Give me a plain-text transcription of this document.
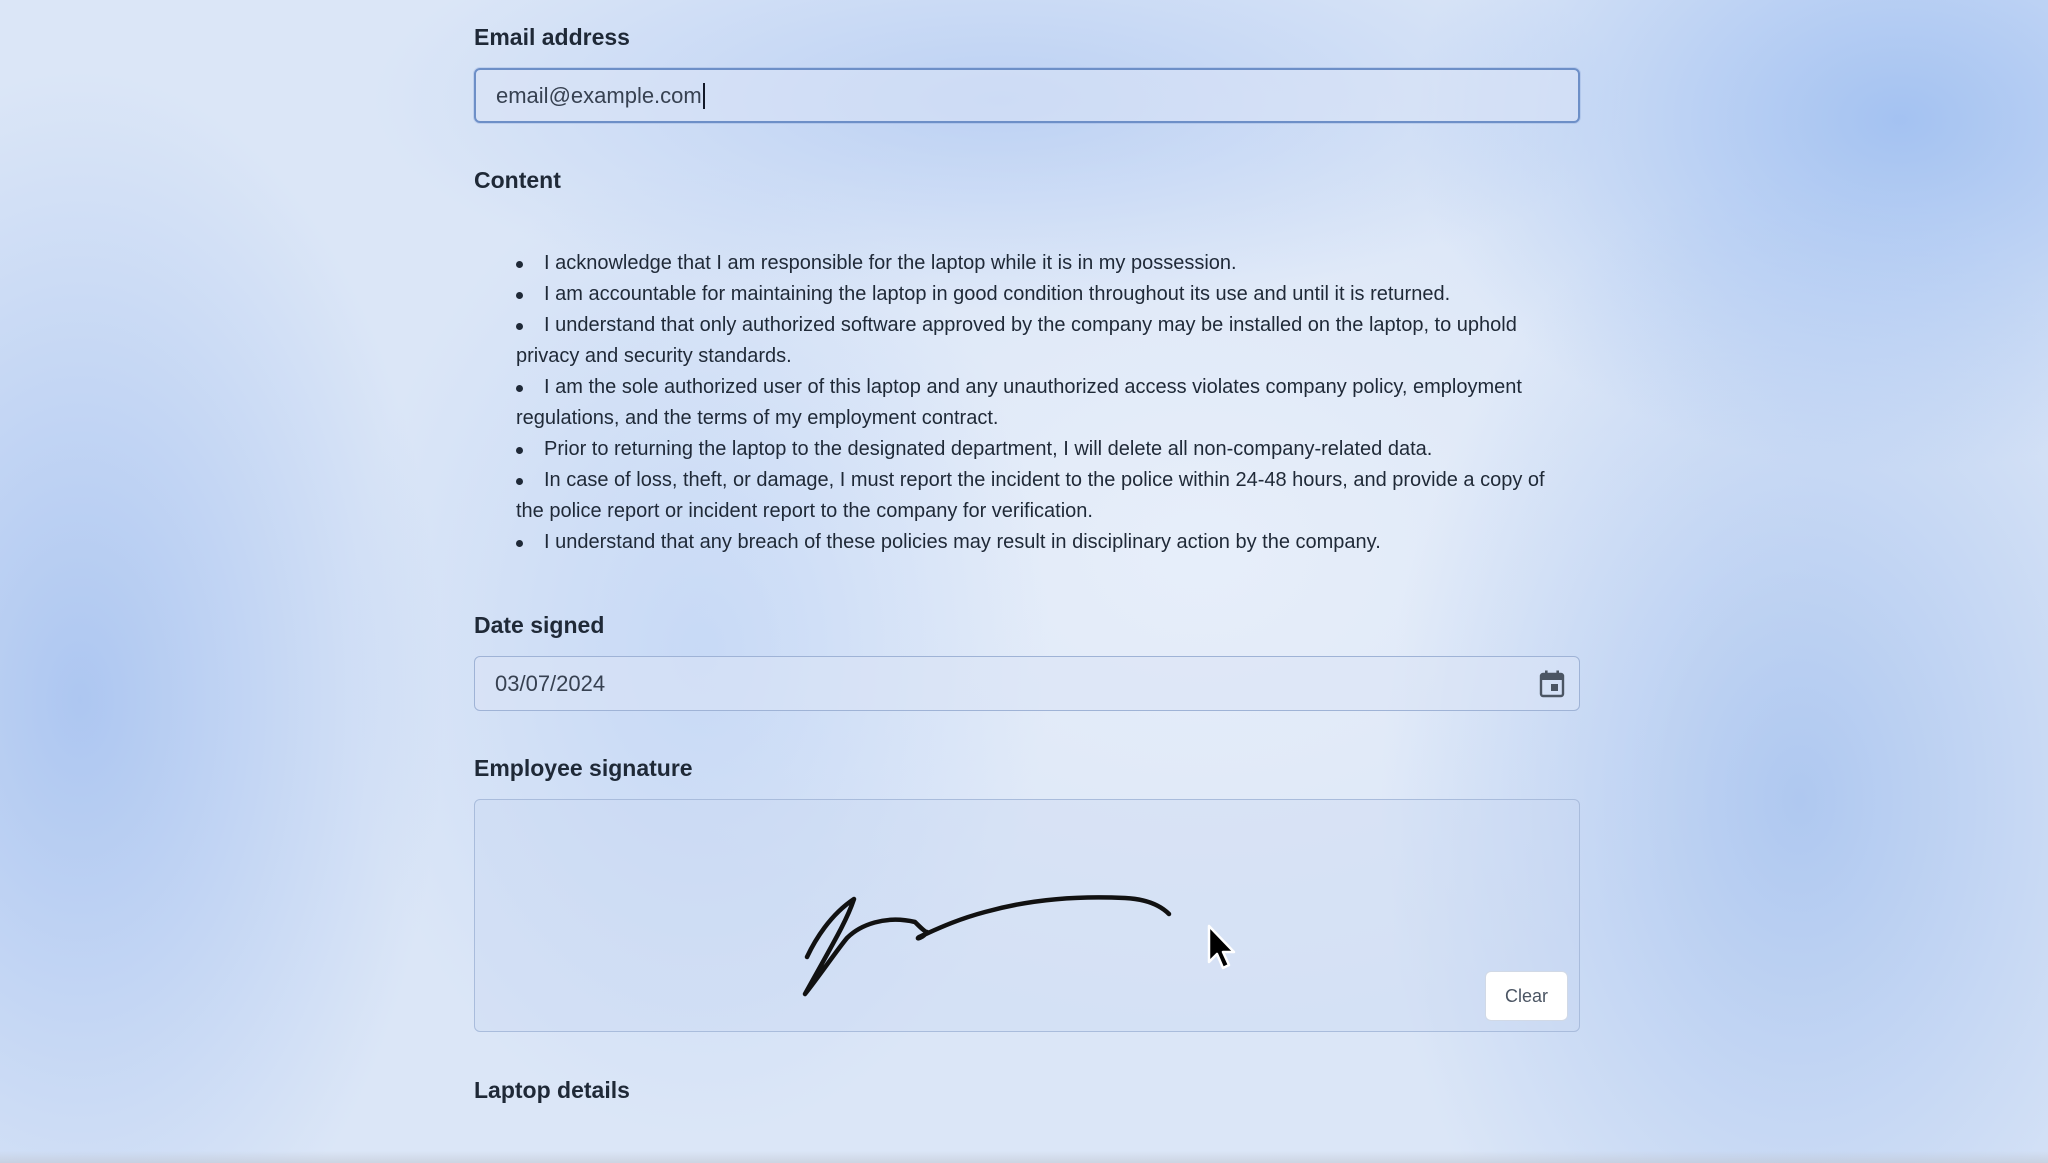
Email address
email@example.com
Content
I acknowledge that I am responsible for the laptop while it is in my possession.
I am accountable for maintaining the laptop in good condition throughout its use and until it is returned.
I understand that only authorized software approved by the company may be installed on the laptop, to uphold privacy and security standards.
I am the sole authorized user of this laptop and any unauthorized access violates company policy, employment regulations, and the terms of my employment contract.
Prior to returning the laptop to the designated department, I will delete all non-company-related data.
In case of loss, theft, or damage, I must report the incident to the police within 24-48 hours, and provide a copy of the police report or incident report to the company for verification.
I understand that any breach of these policies may result in disciplinary action by the company.
Date signed
03/07/2024
Employee signature
Clear
Laptop details
